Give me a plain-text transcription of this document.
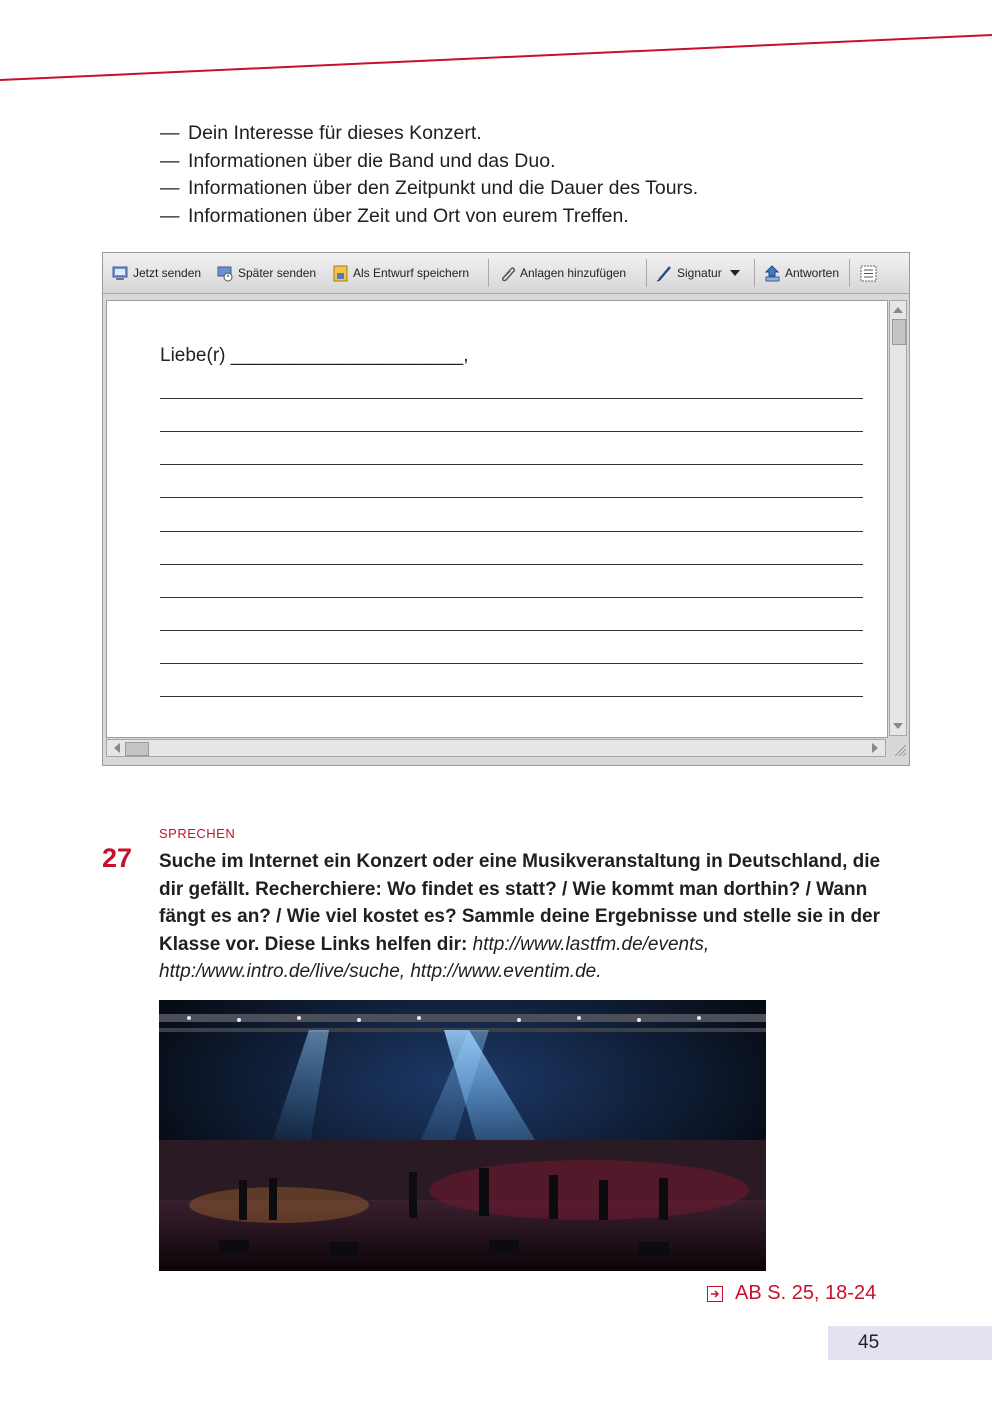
— Dein Interesse für dieses Konzert.
— Informationen über die Band und das Duo.
— Informationen über den Zeitpunkt und die Dauer des Tours.
— Informationen über Zeit und Ort von eurem Treffen.
Jetzt senden	Später senden	Als Entwurf speichern	Anlagen hinzufügen	Signatur	Antworten
Liebe(r) ______________________,
SPRECHEN
27 Suche im Internet ein Konzert oder eine Musikveranstaltung in Deutschland, die
dir gefällt. Recherchiere: Wo findet es statt? / Wie kommt man dorthin? / Wann
fängt es an? / Wie viel kostet es? Sammle deine Ergebnisse und stelle sie in der
Klasse vor. Diese Links helfen dir: http://www.lastfm.de/events,
http:/www.intro.de/live/suche, http://www.eventim.de.
AB S. 25, 18-24
45
